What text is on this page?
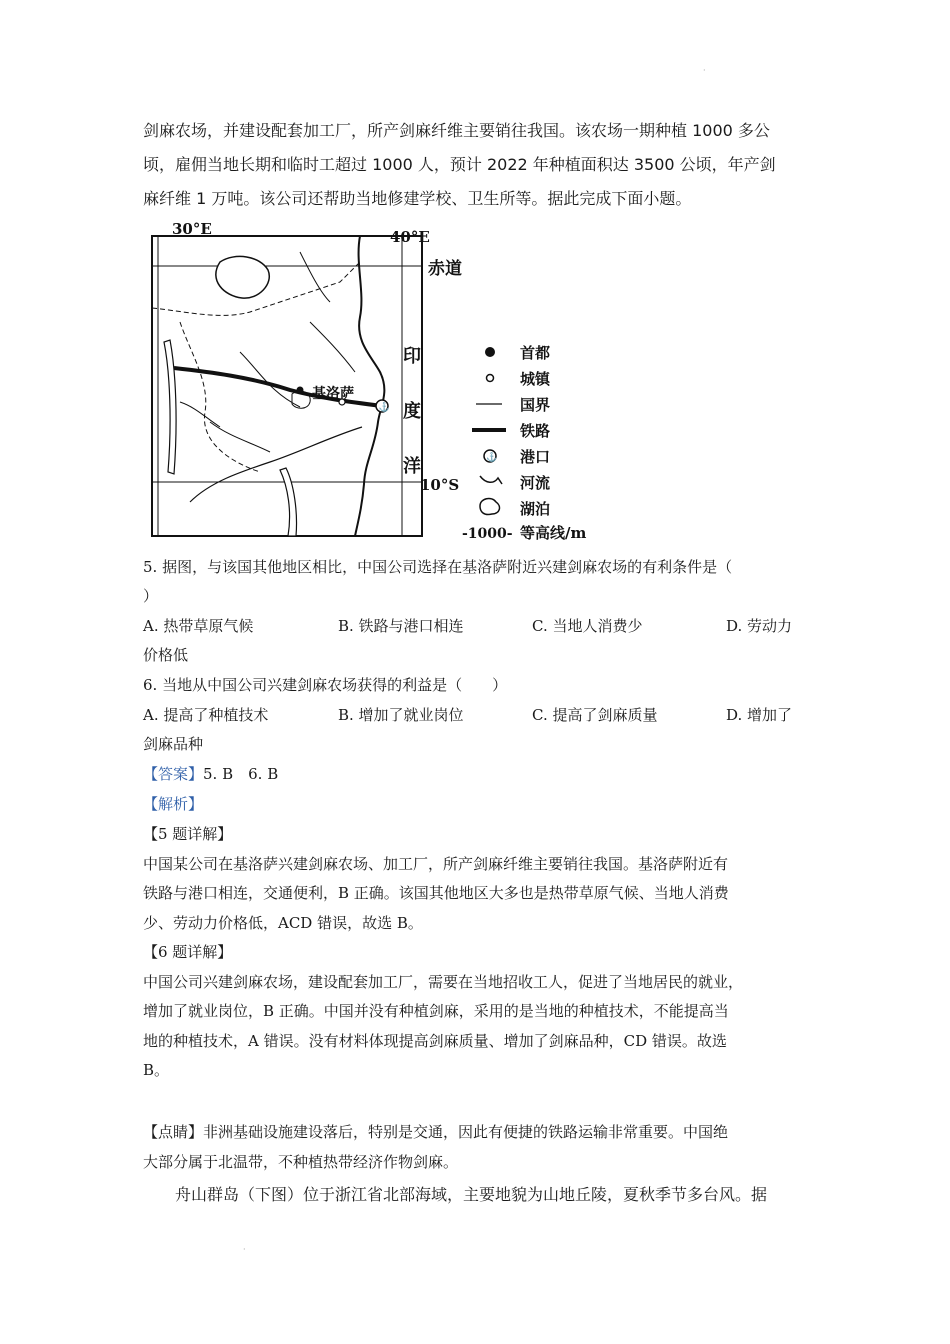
·

剑麻农场，并建设配套加工厂，所产剑麻纤维主要销往我国。该农场一期种植 1000 多公

顷，雇佣当地长期和临时工超过 1000 人，预计 2022 年种植面积达 3500 公顷，年产剑

麻纤维 1 万吨。该公司还帮助当地修建学校、卫生所等。据此完成下面小题。

⚓
基洛萨
30°E	40°E
赤道
10°S
印
度
洋
首都
城镇
国界
铁路
⚓ 港口
河流
湖泊
-1000- 等高线/m
5. 据图，与该国其他地区相比，中国公司选择在基洛萨附近兴建剑麻农场的有利条件是（
）
A. 热带草原气候	B. 铁路与港口相连	C. 当地人消费少	D. 劳动力
价格低
6. 当地从中国公司兴建剑麻农场获得的利益是（　　）
A. 提高了种植技术	B. 增加了就业岗位	C. 提高了剑麻质量	D. 增加了
剑麻品种
【答案】5. B　6. B
【解析】

【5 题详解】

中国某公司在基洛萨兴建剑麻农场、加工厂，所产剑麻纤维主要销往我国。基洛萨附近有

铁路与港口相连，交通便利，B 正确。该国其他地区大多也是热带草原气候、当地人消费

少、劳动力价格低，ACD 错误，故选 B。

【6 题详解】

中国公司兴建剑麻农场，建设配套加工厂，需要在当地招收工人，促进了当地居民的就业，

增加了就业岗位，B 正确。中国并没有种植剑麻，采用的是当地的种植技术，不能提高当

地的种植技术，A 错误。没有材料体现提高剑麻质量、增加了剑麻品种，CD 错误。故选

B。

【点睛】非洲基础设施建设落后，特别是交通，因此有便捷的铁路运输非常重要。中国绝

大部分属于北温带，不种植热带经济作物剑麻。

舟山群岛（下图）位于浙江省北部海域，主要地貌为山地丘陵，夏秋季节多台风。据
·
